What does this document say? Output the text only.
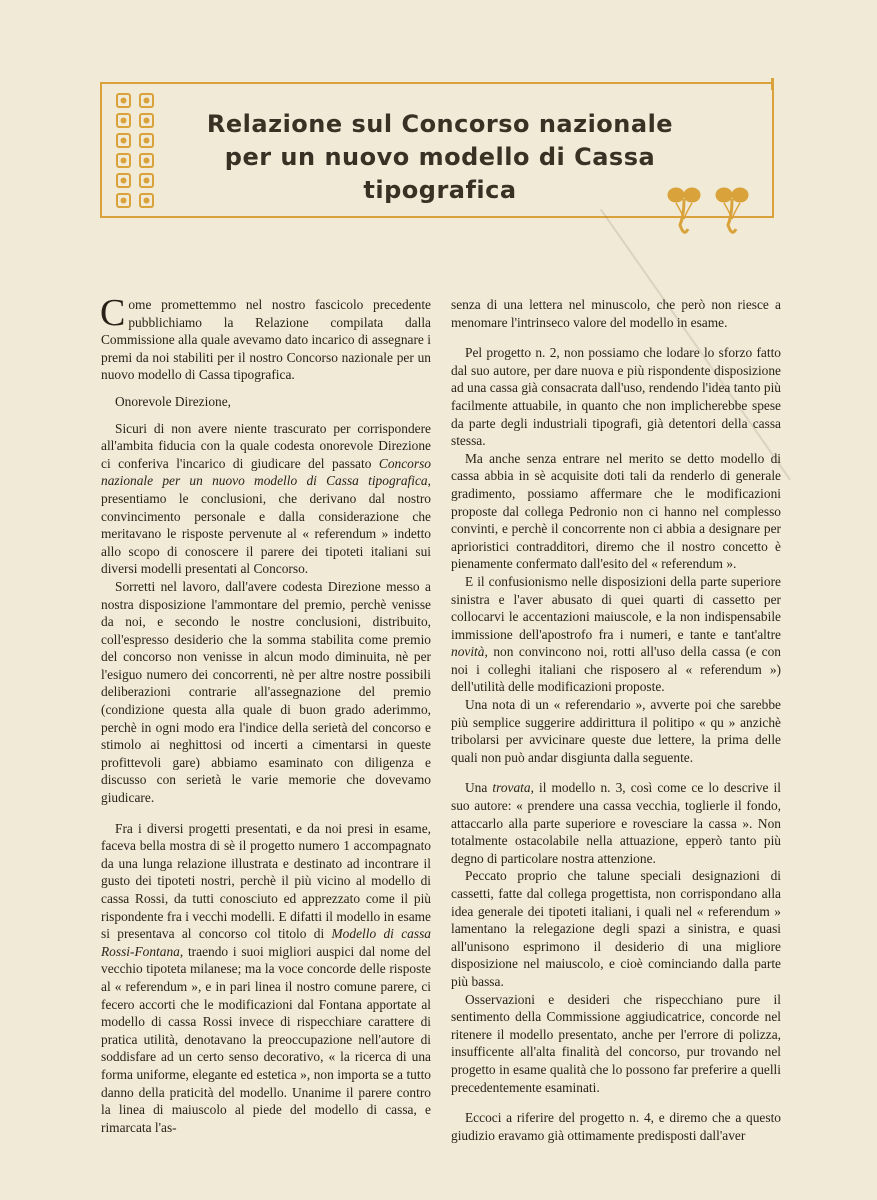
Relazione sul Concorso nazionale
per un nuovo modello di Cassa
tipografica

Come promettemmo nel nostro fascicolo precedente pubblichiamo la Relazione compilata dalla Commissione alla quale avevamo dato incarico di assegnare i premi da noi stabiliti per il nostro Concorso nazionale per un nuovo modello di Cassa tipografica.

Onorevole Direzione,

Sicuri di non avere niente trascurato per corrispondere all'ambita fiducia con la quale codesta onorevole Direzione ci conferiva l'incarico di giudicare del passato Concorso nazionale per un nuovo modello di Cassa tipografica, presentiamo le conclusioni, che derivano dal nostro convincimento personale e dalla considerazione che meritavano le risposte pervenute al « referendum » indetto allo scopo di conoscere il parere dei tipoteti italiani sui diversi modelli presentati al Concorso.

Sorretti nel lavoro, dall'avere codesta Direzione messo a nostra disposizione l'ammontare del premio, perchè venisse da noi, e secondo le nostre conclusioni, distribuito, coll'espresso desiderio che la somma stabilita come premio del concorso non venisse in alcun modo diminuita, nè per l'esiguo numero dei concorrenti, nè per altre nostre possibili deliberazioni contrarie all'assegnazione del premio (condizione questa alla quale di buon grado aderimmo, perchè in ogni modo era l'indice della serietà del concorso e stimolo ai neghittosi od incerti a cimentarsi in queste profittevoli gare) abbiamo esaminato con diligenza e discusso con serietà le varie memorie che dovevamo giudicare.

Fra i diversi progetti presentati, e da noi presi in esame, faceva bella mostra di sè il progetto numero 1 accompagnato da una lunga relazione illustrata e destinato ad incontrare il gusto dei tipoteti nostri, perchè il più vicino al modello di cassa Rossi, da tutti conosciuto ed apprezzato come il più rispondente fra i vecchi modelli. E difatti il modello in esame si presentava al concorso col titolo di Modello di cassa Rossi-Fontana, traendo i suoi migliori auspici dal nome del vecchio tipoteta milanese; ma la voce concorde delle risposte al « referendum », e in pari linea il nostro comune parere, ci fecero accorti che le modificazioni dal Fontana apportate al modello di cassa Rossi invece di rispecchiare carattere di pratica utilità, denotavano la preoccupazione nell'autore di soddisfare ad un certo senso decorativo, « la ricerca di una forma uniforme, elegante ed estetica », non importa se a tutto danno della praticità del modello. Unanime il parere contro la linea di maiuscolo al piede del modello di cassa, e rimarcata l'as-

senza di una lettera nel minuscolo, che però non riesce a menomare l'intrinseco valore del modello in esame.

Pel progetto n. 2, non possiamo che lodare lo sforzo fatto dal suo autore, per dare nuova e più rispondente disposizione ad una cassa già consacrata dall'uso, rendendo l'idea tanto più facilmente attuabile, in quanto che non implicherebbe spese da parte degli industriali tipografi, già detentori della cassa stessa.

Ma anche senza entrare nel merito se detto modello di cassa abbia in sè acquisite doti tali da renderlo di generale gradimento, possiamo affermare che le modificazioni proposte dal collega Pedronio non ci hanno nel complesso convinti, e perchè il concorrente non ci abbia a designare per aprioristici contradditori, diremo che il nostro concetto è pienamente confermato dall'esito del « referendum ».

E il confusionismo nelle disposizioni della parte superiore sinistra e l'aver abusato di quei quarti di cassetto per collocarvi le accentazioni maiuscole, e la non indispensabile immissione dell'apostrofo fra i numeri, e tante e tant'altre novità, non convincono noi, rotti all'uso della cassa (e con noi i colleghi italiani che risposero al « referendum ») dell'utilità delle modificazioni proposte.

Una nota di un « referendario », avverte poi che sarebbe più semplice suggerire addirittura il politipo « qu » anzichè tribolarsi per avvicinare queste due lettere, la prima delle quali non può andar disgiunta dalla seguente.

Una trovata, il modello n. 3, così come ce lo descrive il suo autore: « prendere una cassa vecchia, toglierle il fondo, attaccarlo alla parte superiore e rovesciare la cassa ». Non totalmente ostacolabile nella attuazione, epperò tanto più degno di particolare nostra attenzione.

Peccato proprio che talune speciali designazioni di cassetti, fatte dal collega progettista, non corrispondano alla idea generale dei tipoteti italiani, i quali nel « referendum » lamentano la relegazione degli spazi a sinistra, e quasi all'unisono esprimono il desiderio di una migliore disposizione nel maiuscolo, e cioè cominciando dalla parte più bassa.

Osservazioni e desideri che rispecchiano pure il sentimento della Commissione aggiudicatrice, concorde nel ritenere il modello presentato, anche per l'errore di polizza, insufficente all'alta finalità del concorso, pur trovando nel progetto in esame qualità che lo possono far preferire a quelli precedentemente esaminati.

Eccoci a riferire del progetto n. 4, e diremo che a questo giudizio eravamo già ottimamente predisposti dall'aver
